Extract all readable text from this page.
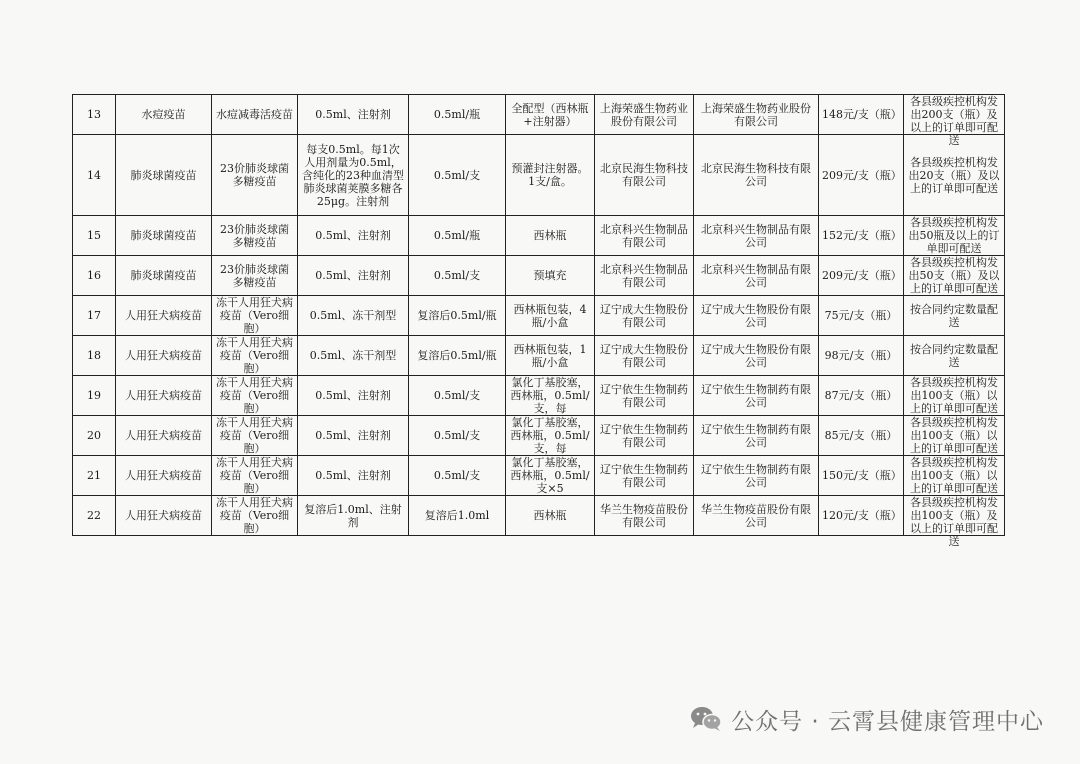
13	水痘疫苗	水痘减毒活疫苗	0.5ml、注射剂	0.5ml/瓶	全配型（西林瓶+注射器）	上海荣盛生物药业股份有限公司	上海荣盛生物药业股份有限公司	148元/支（瓶）	各县级疾控机构发出200支（瓶）及以上的订单即可配送

14	肺炎球菌疫苗	23价肺炎球菌多糖疫苗	每支0.5ml。每1次人用剂量为0.5ml，含纯化的23种血清型肺炎球菌荚膜多糖各25μg。注射剂	0.5ml/支	预灌封注射器。1支/盒。	北京民海生物科技有限公司	北京民海生物科技有限公司	209元/支（瓶）	各县级疾控机构发出20支（瓶）及以上的订单即可配送

15	肺炎球菌疫苗	23价肺炎球菌多糖疫苗	0.5ml、注射剂	0.5ml/瓶	西林瓶	北京科兴生物制品有限公司	北京科兴生物制品有限公司	152元/支（瓶）	各县级疾控机构发出50瓶及以上的订单即可配送

16	肺炎球菌疫苗	23价肺炎球菌多糖疫苗	0.5ml、注射剂	0.5ml/支	预填充	北京科兴生物制品有限公司	北京科兴生物制品有限公司	209元/支（瓶）	各县级疾控机构发出50支（瓶）及以上的订单即可配送

17	人用狂犬病疫苗	冻干人用狂犬病疫苗（Vero细胞）	0.5ml、冻干剂型	复溶后0.5ml/瓶	西林瓶包装，4瓶/小盒	辽宁成大生物股份有限公司	辽宁成大生物股份有限公司	75元/支（瓶）	按合同约定数量配送

18	人用狂犬病疫苗	冻干人用狂犬病疫苗（Vero细胞）	0.5ml、冻干剂型	复溶后0.5ml/瓶	西林瓶包装，1瓶/小盒	辽宁成大生物股份有限公司	辽宁成大生物股份有限公司	98元/支（瓶）	按合同约定数量配送

19	人用狂犬病疫苗	冻干人用狂犬病疫苗（Vero细胞）	0.5ml、注射剂	0.5ml/支	氯化丁基胶塞，西林瓶，0.5ml/支，每	辽宁依生生物制药有限公司	辽宁依生生物制药有限公司	87元/支（瓶）	各县级疾控机构发出100支（瓶）以上的订单即可配送

20	人用狂犬病疫苗	冻干人用狂犬病疫苗（Vero细胞）	0.5ml、注射剂	0.5ml/支	氯化丁基胶塞，西林瓶，0.5ml/支，每	辽宁依生生物制药有限公司	辽宁依生生物制药有限公司	85元/支（瓶）	各县级疾控机构发出100支（瓶）以上的订单即可配送

21	人用狂犬病疫苗	冻干人用狂犬病疫苗（Vero细胞）	0.5ml、注射剂	0.5ml/支	氯化丁基胶塞，西林瓶，0.5ml/支×5	辽宁依生生物制药有限公司	辽宁依生生物制药有限公司	150元/支（瓶）	各县级疾控机构发出100支（瓶）以上的订单即可配送

22	人用狂犬病疫苗	冻干人用狂犬病疫苗（Vero细胞）	复溶后1.0ml、注射剂	复溶后1.0ml	西林瓶	华兰生物疫苗股份有限公司	华兰生物疫苗股份有限公司	120元/支（瓶）	各县级疾控机构发出100支（瓶）及以上的订单即可配送
公众号 · 云霄县健康管理中心
